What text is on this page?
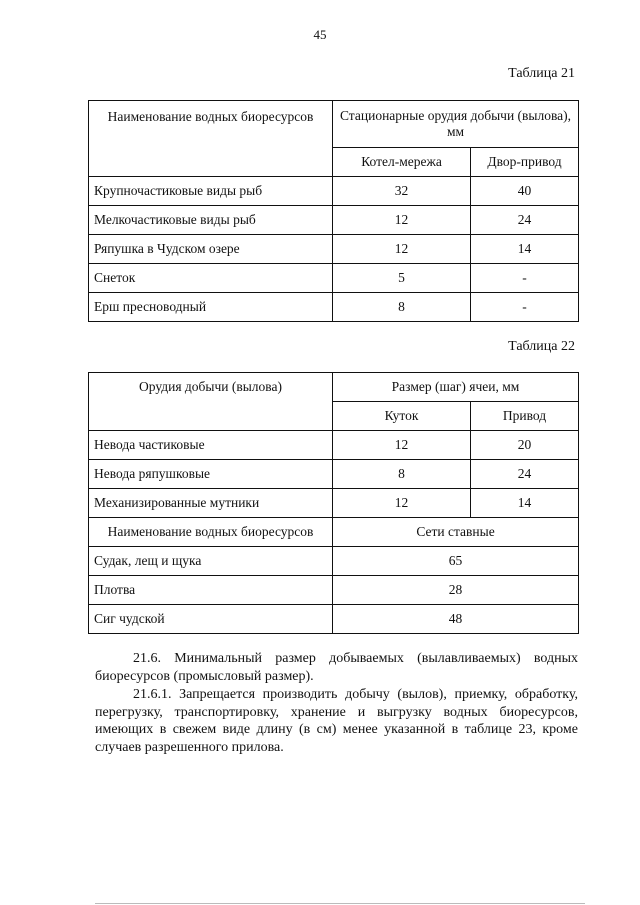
45
Таблица 21
Наименование водных биоресурсов	Стационарные орудия добычи (вылова), мм	
	Котел-мережа	Двор-привод
Крупночастиковые виды рыб	32	40
Мелкочастиковые виды рыб	12	24
Ряпушка в Чудском озере	12	14
Снеток	5	-
Ерш пресноводный	8	-
Таблица 22
Орудия добычи (вылова)	Размер (шаг) ячеи, мм	
	Куток	Привод
Невода частиковые	12	20
Невода ряпушковые	8	24
Механизированные мутники	12	14
Наименование водных биоресурсов	Сети ставные	
Судак, лещ и щука	65	
Плотва	28	
Сиг чудской	48	

21.6. Минимальный размер добываемых (вылавливаемых) водных биоресурсов (промысловый размер).

21.6.1. Запрещается производить добычу (вылов), приемку, обработку, перегрузку, транспортировку, хранение и выгрузку водных биоресурсов, имеющих в свежем виде длину (в см) менее указанной в таблице 23, кроме случаев разрешенного прилова.
